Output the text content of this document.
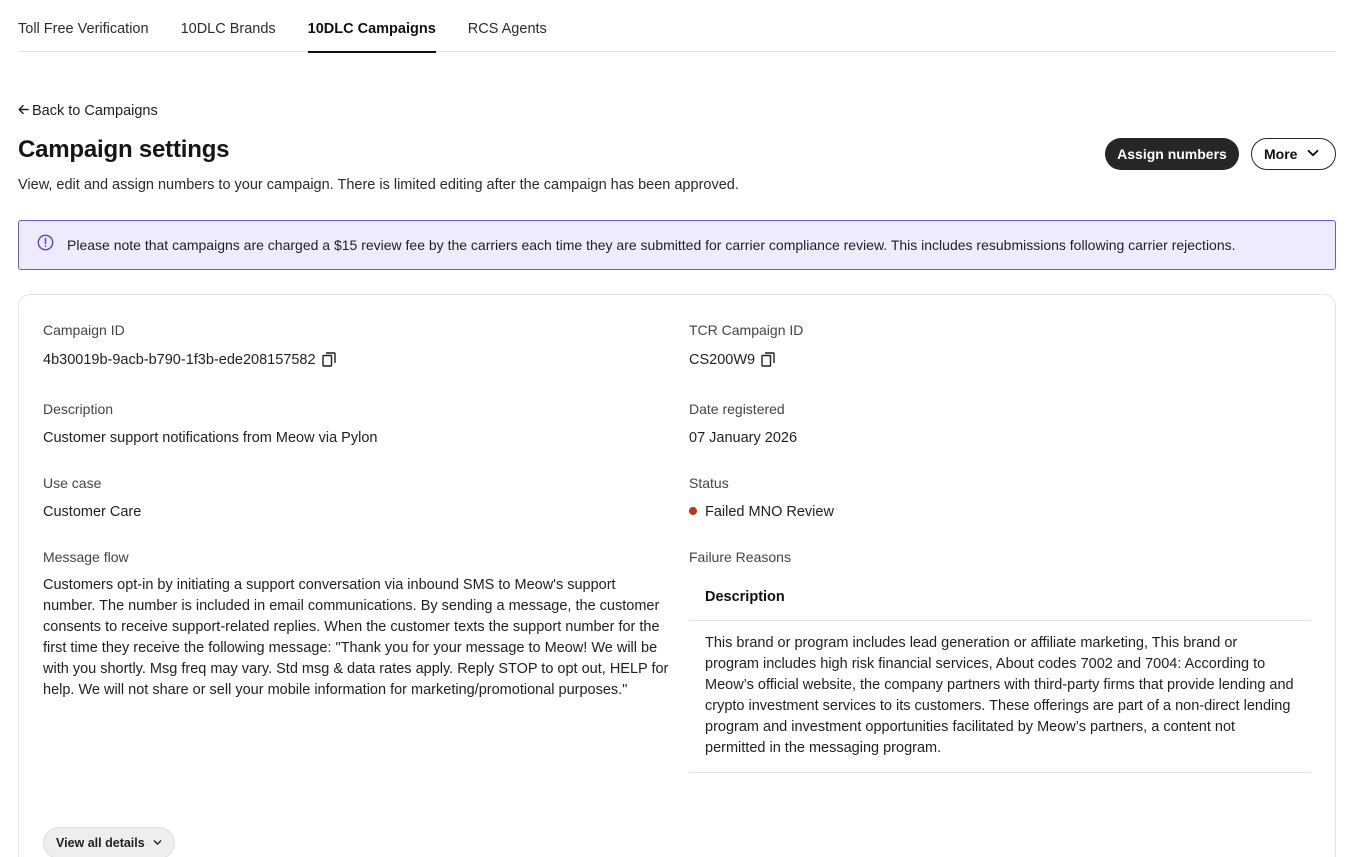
Toll Free Verification 10DLC Brands 10DLC Campaigns RCS Agents
Back to Campaigns
Campaign settings

View, edit and assign numbers to your campaign. There is limited editing after the campaign has been approved.

Assign numbers	More
Please note that campaigns are charged a $15 review fee by the carriers each time they are submitted for carrier compliance review. This includes resubmissions following carrier rejections.
Campaign ID
4b30019b-9acb-b790-1f3b-ede208157582
TCR Campaign ID
CS200W9
Description
Customer support notifications from Meow via Pylon
Date registered
07 January 2026
Use case
Customer Care
Status
Failed MNO Review
Message flow
Customers opt-in by initiating a support conversation via inbound SMS to Meow's support number. The number is included in email communications. By sending a message, the customer consents to receive support-related replies. When the customer texts the support number for the first time they receive the following message: "Thank you for your message to Meow! We will be with you shortly. Msg freq may vary. Std msg & data rates apply. Reply STOP to opt out, HELP for help. We will not share or sell your mobile information for marketing/promotional purposes."
Failure Reasons
Description
This brand or program includes lead generation or affiliate marketing, This brand or program includes high risk financial services, About codes 7002 and 7004: According to Meow’s official website, the company partners with third-party firms that provide lending and crypto investment services to its customers. These offerings are part of a non-direct lending program and investment opportunities facilitated by Meow’s partners, a content not permitted in the messaging program.
View all details
